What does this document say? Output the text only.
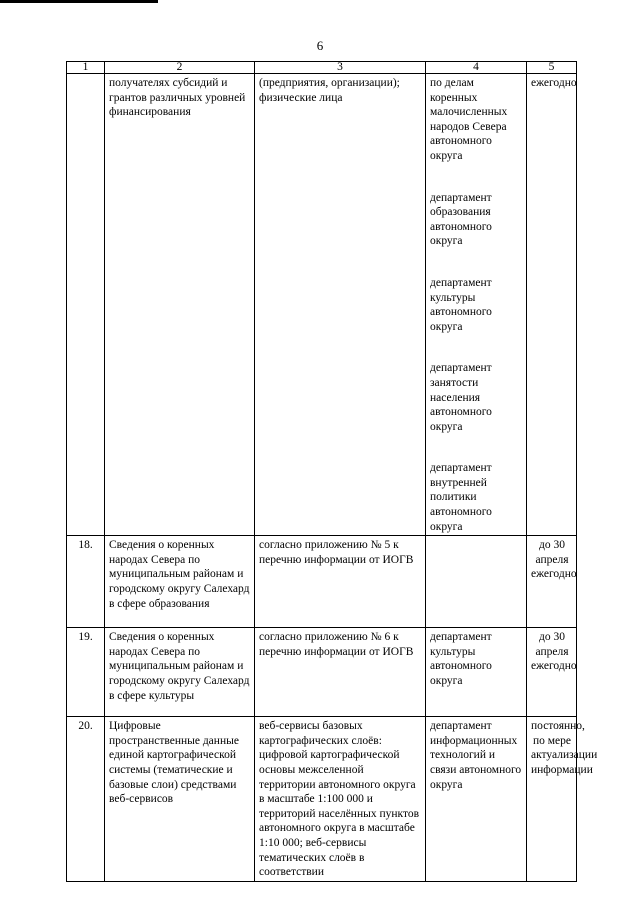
6
1	2	3	4	5
	получателях субсидий и грантов различных уровней финансирования	(предприятия, организации); физические лица	по делам коренных малочисленных народов Севера автономного округа
департамент образования автономного округа
департамент культуры автономного округа
департамент занятости населения автономного округа
департамент внутренней политики автономного округа	ежегодно
18.	Сведения о коренных народах Севера по муниципальным районам и городскому округу Салехард в сфере образования	согласно приложению № 5 к перечню информации от ИОГВ		до 30 апреля ежегодно
19.	Сведения о коренных народах Севера по муниципальным районам и городскому округу Салехард в сфере культуры	согласно приложению № 6 к перечню информации от ИОГВ	департамент культуры автономного округа	до 30 апреля ежегодно
20.	Цифровые пространственные данные единой картографической системы (тематические и базовые слои) средствами веб-сервисов	веб-сервисы базовых картографических слоёв: цифровой картографической основы межселенной территории автономного округа в масштабе 1:100 000 и территорий населённых пунктов автономного округа в масштабе 1:10 000; веб-сервисы тематических слоёв в соответствии	департамент информационных технологий и связи автономного округа	постоянно, по мере актуализации информации
